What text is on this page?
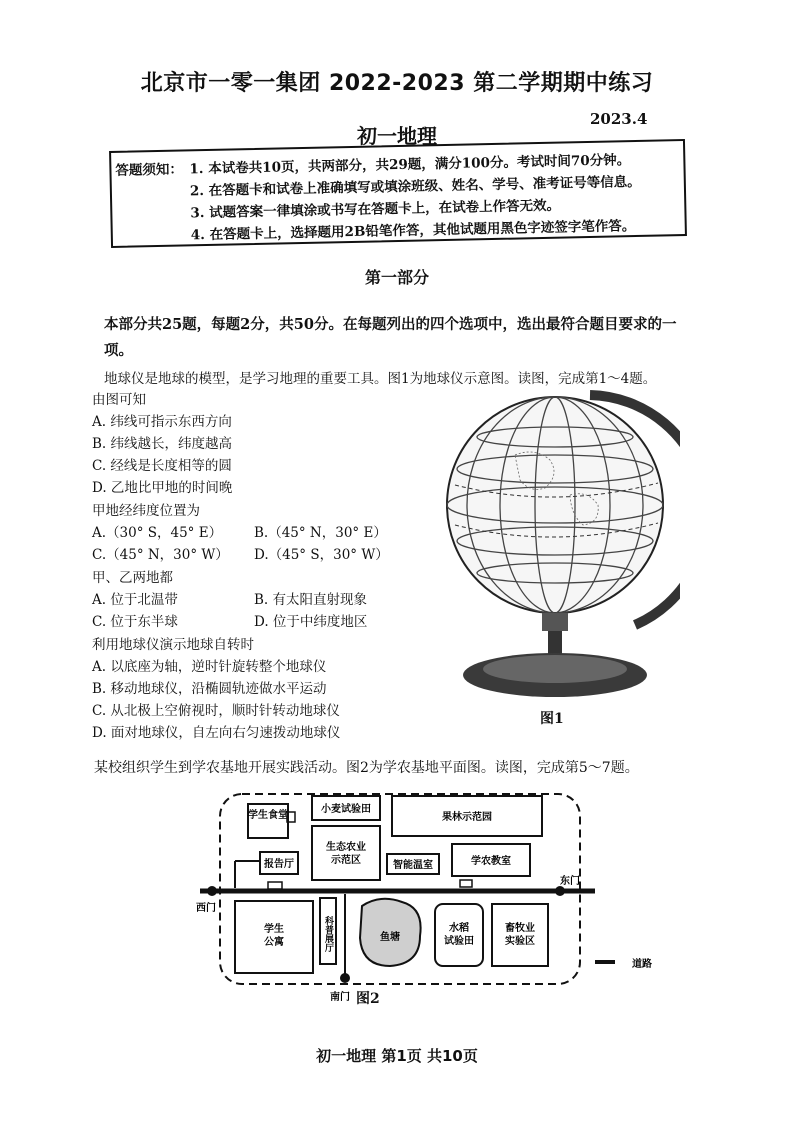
北京市一零一集团 2022-2023 第二学期期中练习
2023.4
初一地理
答题须知： 1. 本试卷共10页，共两部分，共29题，满分100分。考试时间70分钟。
2. 在答题卡和试卷上准确填写或填涂班级、姓名、学号、准考证号等信息。
3. 试题答案一律填涂或书写在答题卡上，在试卷上作答无效。
4. 在答题卡上，选择题用2B铅笔作答，其他试题用黑色字迹签字笔作答。
第一部分
本部分共25题，每题2分，共50分。在每题列出的四个选项中，选出最符合题目要求的一项。
地球仪是地球的模型，是学习地理的重要工具。图1为地球仪示意图。读图，完成第1～4题。
由图可知
A. 纬线可指示东西方向
B. 纬线越长，纬度越高
C. 经线是长度相等的圆
D. 乙地比甲地的时间晚
甲地经纬度位置为
A.（30° S，45° E） B.（45° N，30° E）
C.（45° N，30° W） D.（45° S，30° W）
甲、乙两地都
A. 位于北温带	B. 有太阳直射现象
C. 位于东半球	D. 位于中纬度地区
利用地球仪演示地球自转时
A. 以底座为轴，逆时针旋转整个地球仪
B. 移动地球仪，沿椭圆轨迹做水平运动
C. 从北极上空俯视时，顺时针转动地球仪
D. 面对地球仪，自左向右匀速拨动地球仪
图1
某校组织学生到学农基地开展实践活动。图2为学农基地平面图。读图，完成第5～7题。
学生食堂
小麦试验田
果林示范园
生态农业
示范区
报告厅	智能温室	学农教室
西门
东门
学生
公寓	科普展厅	鱼塘
水稻
试验田
畜牧业
实验区
南门
道路
图2
初一地理 第1页 共10页
